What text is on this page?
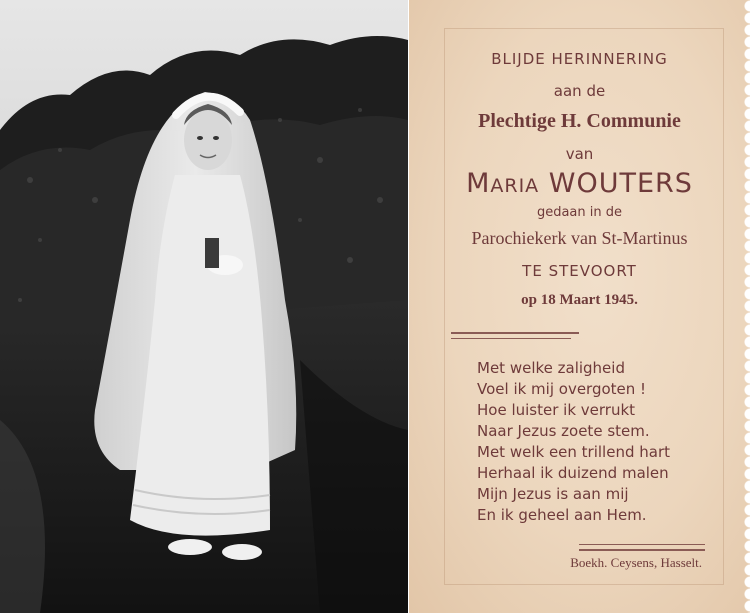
BLIJDE HERINNERING
aan de
Plechtige H. Communie
van
Maria WOUTERS
gedaan in de
Parochiekerk van St-Martinus
TE STEVOORT
op 18 Maart 1945.
Met welke zaligheid
Voel ik mij overgoten !
Hoe luister ik verrukt
Naar Jezus zoete stem.
Met welk een trillend hart
Herhaal ik duizend malen
Mijn Jezus is aan mij
En ik geheel aan Hem.
Boekh. Ceysens, Hasselt.
